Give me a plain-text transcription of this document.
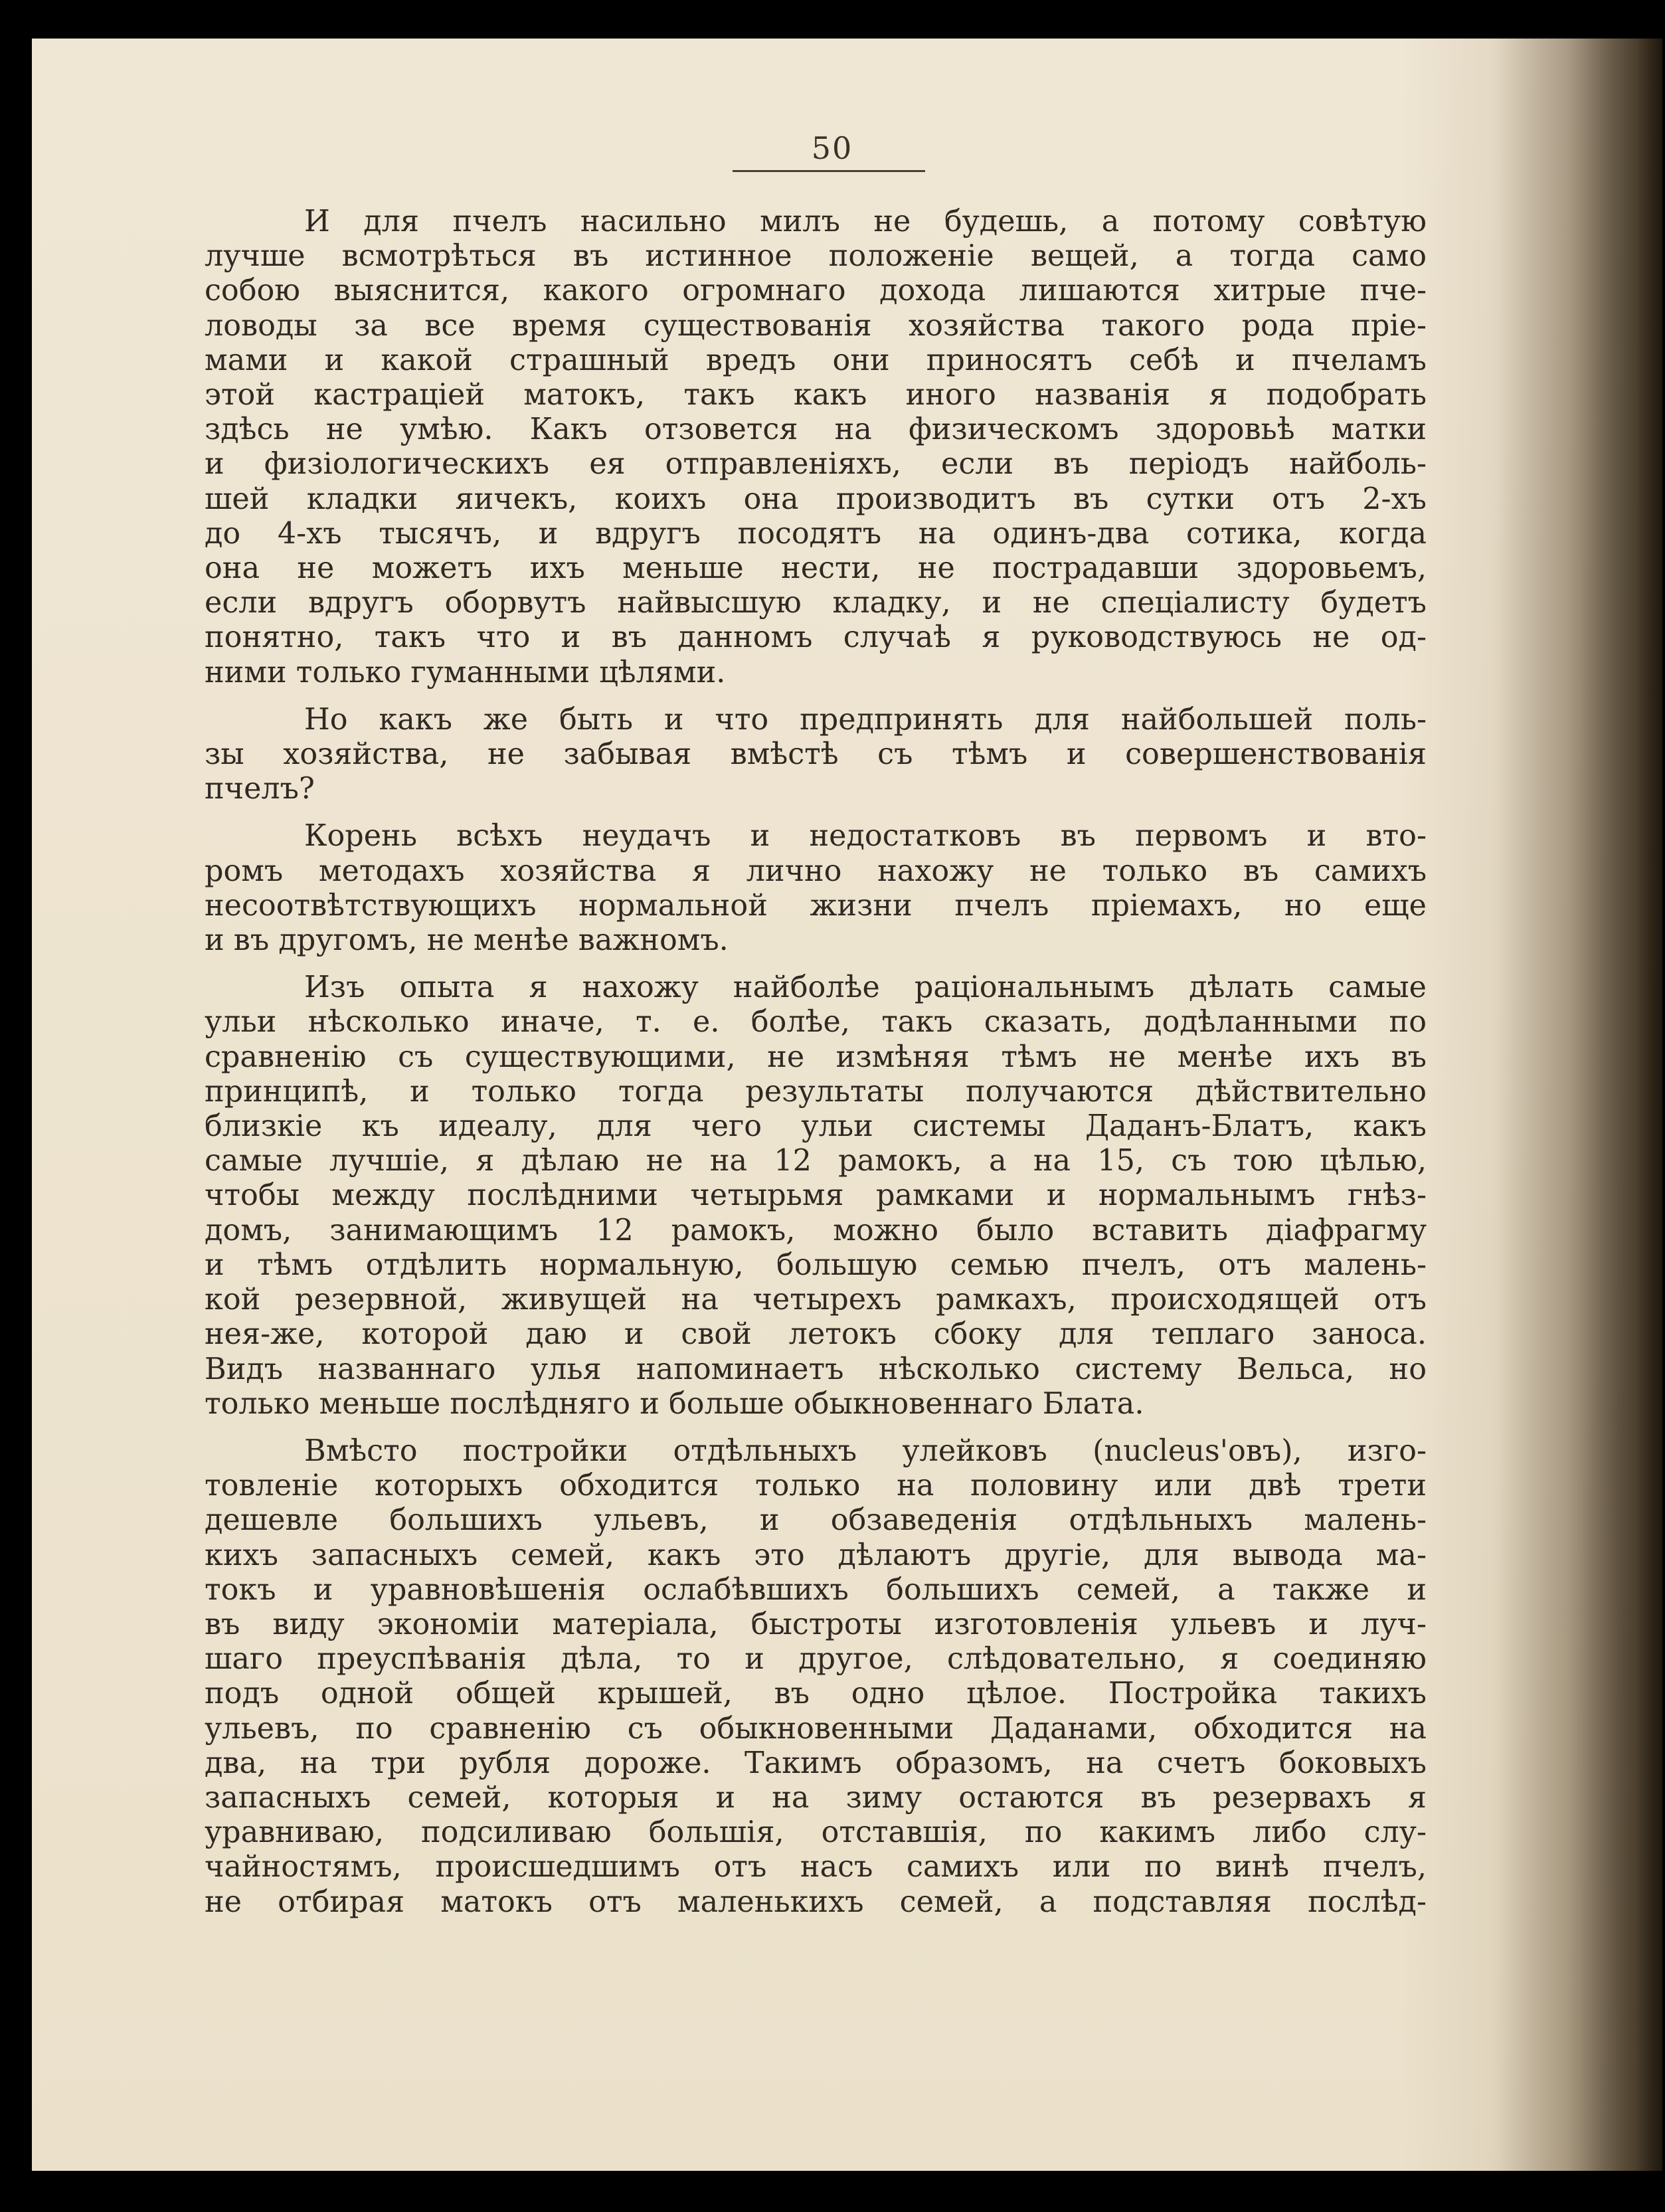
50

И для пчелъ насильно милъ не будешь, а потому совѣтую
лучше всмотрѣться въ истинное положенiе вещей, а тогда само
собою выяснится, какого огромнаго дохода лишаются хитрые пче-
ловоды за все время существованiя хозяйства такого рода прiе-
мами и какой страшный вредъ они приносятъ себѣ и пчеламъ
этой кастрацiей матокъ, такъ какъ иного названiя я подобрать
здѣсь не умѣю. Какъ отзовется на физическомъ здоровьѣ матки
и физiологическихъ ея отправленiяхъ, если въ перiодъ найболь-
шей кладки яичекъ, коихъ она производитъ въ сутки отъ 2-хъ
до 4-хъ тысячъ, и вдругъ посодятъ на одинъ-два сотика, когда
она не можетъ ихъ меньше нести, не пострадавши здоровьемъ,
если вдругъ оборвутъ найвысшую кладку, и не спецiалисту будетъ
понятно, такъ что и въ данномъ случаѣ я руководствуюсь не од-
ними только гуманными цѣлями.

Но какъ же быть и что предпринять для найбольшей поль-
зы хозяйства, не забывая вмѣстѣ съ тѣмъ и совершенствованiя
пчелъ?

Корень всѣхъ неудачъ и недостатковъ въ первомъ и вто-
ромъ методахъ хозяйства я лично нахожу не только въ самихъ
несоотвѣтствующихъ нормальной жизни пчелъ прiемахъ, но еще
и въ другомъ, не менѣе важномъ.

Изъ опыта я нахожу найболѣе рацiональнымъ дѣлать самые
ульи нѣсколько иначе, т. е. болѣе, такъ сказать, додѣланными по
сравненiю съ существующими, не измѣняя тѣмъ не менѣе ихъ въ
принципѣ, и только тогда результаты получаются дѣйствительно
близкiе къ идеалу, для чего ульи системы Даданъ-Блатъ, какъ
самые лучшiе, я дѣлаю не на 12 рамокъ, а на 15, съ тою цѣлью,
чтобы между послѣдними четырьмя рамками и нормальнымъ гнѣз-
домъ, занимающимъ 12 рамокъ, можно было вставить дiафрагму
и тѣмъ отдѣлить нормальную, большую семью пчелъ, отъ малень-
кой резервной, живущей на четырехъ рамкахъ, происходящей отъ
нея-же, которой даю и свой летокъ сбоку для теплаго заноса.
Видъ названнаго улья напоминаетъ нѣсколько систему Вельса, но
только меньше послѣдняго и больше обыкновеннаго Блата.

Вмѣсто постройки отдѣльныхъ улейковъ (nucleus'овъ), изго-
товленiе которыхъ обходится только на половину или двѣ трети
дешевле большихъ ульевъ, и обзаведенiя отдѣльныхъ малень-
кихъ запасныхъ семей, какъ это дѣлаютъ другiе, для вывода ма-
токъ и уравновѣшенiя ослабѣвшихъ большихъ семей, а также и
въ виду экономiи матерiала, быстроты изготовленiя ульевъ и луч-
шаго преуспѣванiя дѣла, то и другое, слѣдовательно, я соединяю
подъ одной общей крышей, въ одно цѣлое. Постройка такихъ
ульевъ, по сравненiю съ обыкновенными Даданами, обходится на
два, на три рубля дороже. Такимъ образомъ, на счетъ боковыхъ
запасныхъ семей, которыя и на зиму остаются въ резервахъ я
уравниваю, подсиливаю большiя, отставшiя, по какимъ либо слу-
чайностямъ, происшедшимъ отъ насъ самихъ или по винѣ пчелъ,
не отбирая матокъ отъ маленькихъ семей, а подставляя послѣд-
